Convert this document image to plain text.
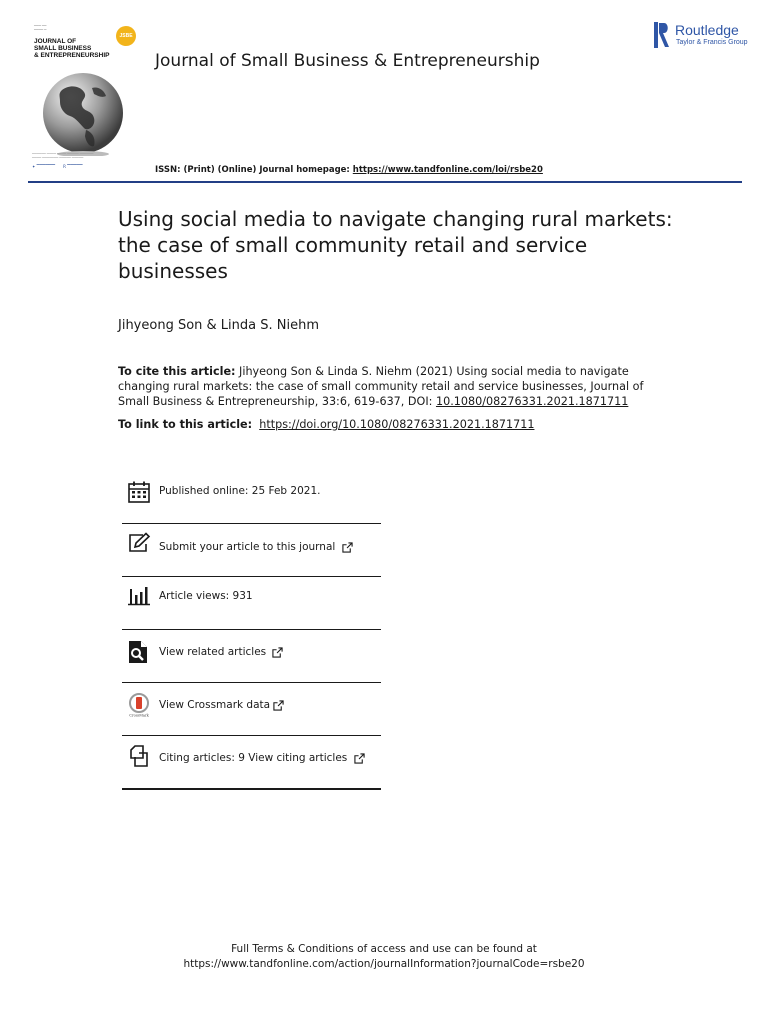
▔▔▔ ▔▔
▔▔▔▔ ▔
JOURNAL OF
SMALL BUSINESS
& ENTREPRENEURSHIP
JSBE
▔▔▔▔▔▔ ▔▔▔▔ ▔▔▔▔ ▔▔▔▔▔ ▔▔▔▔▔▔
▔▔▔▔ ▔▔▔▔▔▔▔ ▔▔▔▔▔ ▔▔▔▔▔
✦ ▔▔▔▔▔▔ R ▔▔▔▔▔
Journal of Small Business & Entrepreneurship
Routledge
Taylor & Francis Group
ISSN: (Print) (Online) Journal homepage: https://www.tandfonline.com/loi/rsbe20
Using social media to navigate changing rural markets: the case of small community retail and service businesses
Jihyeong Son & Linda S. Niehm
To cite this article: Jihyeong Son & Linda S. Niehm (2021) Using social media to navigate changing rural markets: the case of small community retail and service businesses, Journal of Small Business & Entrepreneurship, 33:6, 619-637, DOI: 10.1080/08276331.2021.1871711
To link to this article: https://doi.org/10.1080/08276331.2021.1871711
Published online: 25 Feb 2021.
Submit your article to this journal
Article views: 931
View related articles
CrossMark
View Crossmark data
Citing articles: 9 View citing articles
Full Terms & Conditions of access and use can be found at
https://www.tandfonline.com/action/journalInformation?journalCode=rsbe20
